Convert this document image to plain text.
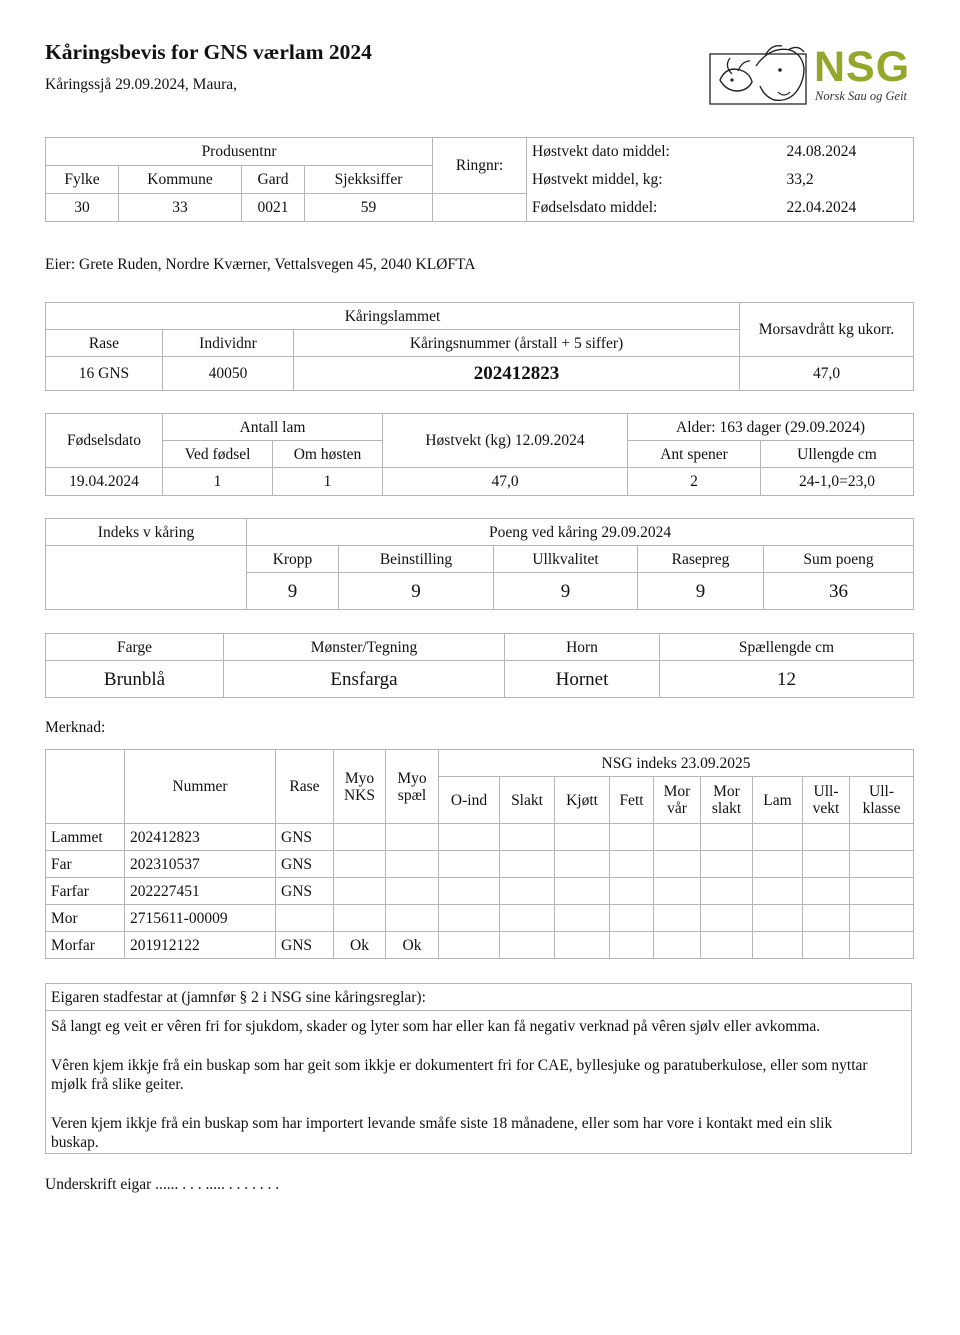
Kåringsbevis for GNS værlam 2024
Kåringssjå 29.09.2024, Maura,	NSG
Norsk Sau og Geit
Produsentnr				Ringnr:	Høstvekt dato middel:	24.08.2024
Fylke	Kommune	Gard	Sjekksiffer		Høstvekt middel, kg:	33,2
30	33	0021	59		Fødselsdato middel:	22.04.2024
Eier: Grete Ruden, Nordre Kværner, Vettalsvegen 45, 2040 KLØFTA
Kåringslammet			Morsavdrått kg ukorr.
Rase	Individnr	Kåringsnummer (årstall + 5 siffer)	
16 GNS	40050	202412823	47,0
Fødselsdato	Antall lam		Høstvekt (kg) 12.09.2024	Alder: 163 dager (29.09.2024)	
	Ved fødsel	Om høsten		Ant spener	Ullengde cm
19.04.2024	1	1	47,0	2	24-1,0=23,0
Indeks v kåring	Poeng ved kåring 29.09.2024				
	Kropp	Beinstilling	Ullkvalitet	Rasepreg	Sum poeng
	9	9	9	9	36
Farge	Mønster/Tegning	Horn	Spællengde cm
Brunblå	Ensfarga	Hornet	12
Merknad:
	Nummer	Rase	Myo NKS	Myo spæl	NSG indeks 23.09.2025								
					O-ind	Slakt	Kjøtt	Fett	Mor vår	Mor slakt	Lam	Ull-vekt	Ull-klasse
Lammet	202412823	GNS											
Far	202310537	GNS											
Farfar	202227451	GNS											
Mor	2715611-00009												
Morfar	201912122	GNS	Ok	Ok									
Eigaren stadfestar at (jamnfør § 2 i NSG sine kåringsreglar):
Så langt eg veit er vêren fri for sjukdom, skader og lyter som har eller kan få negativ verknad på vêren sjølv eller avkomma.
Vêren kjem ikkje frå ein buskap som har geit som ikkje er dokumentert fri for CAE, byllesjuke og paratuberkulose, eller som nyttar mjølk frå slike geiter.
Veren kjem ikkje frå ein buskap som har importert levande småfe siste 18 månadene, eller som har vore i kontakt med ein slik buskap.
Underskrift eigar ...... . . . ..... . . . . . . .
